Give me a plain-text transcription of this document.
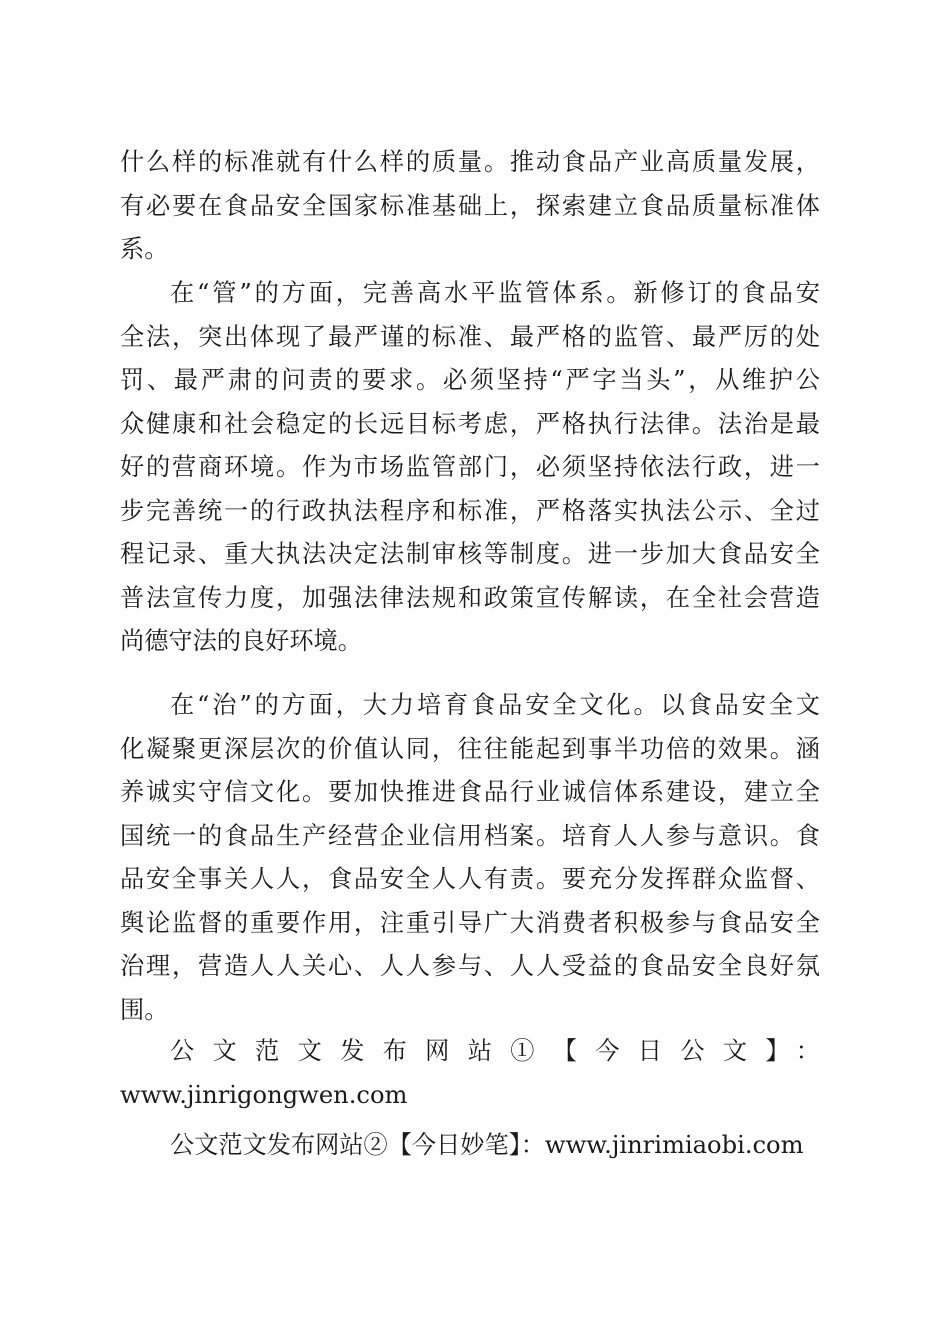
什么样的标准就有什么样的质量。推动食品产业高质量发展，
有必要在食品安全国家标准基础上，探索建立食品质量标准体
系。
在“管”的方面，完善高水平监管体系。新修订的食品安
全法，突出体现了最严谨的标准、最严格的监管、最严厉的处
罚、最严肃的问责的要求。必须坚持“严字当头”，从维护公
众健康和社会稳定的长远目标考虑，严格执行法律。法治是最
好的营商环境。作为市场监管部门，必须坚持依法行政，进一
步完善统一的行政执法程序和标准，严格落实执法公示、全过
程记录、重大执法决定法制审核等制度。进一步加大食品安全
普法宣传力度，加强法律法规和政策宣传解读，在全社会营造
尚德守法的良好环境。
在“治”的方面，大力培育食品安全文化。以食品安全文
化凝聚更深层次的价值认同，往往能起到事半功倍的效果。涵
养诚实守信文化。要加快推进食品行业诚信体系建设，建立全
国统一的食品生产经营企业信用档案。培育人人参与意识。食
品安全事关人人，食品安全人人有责。要充分发挥群众监督、
舆论监督的重要作用，注重引导广大消费者积极参与食品安全
治理，营造人人关心、人人参与、人人受益的食品安全良好氛
围。
公文范文发布网站①【今日公文】：
www.jinrigongwen.com
公文范文发布网站②【今日妙笔】：www.jinrimiaobi.com
